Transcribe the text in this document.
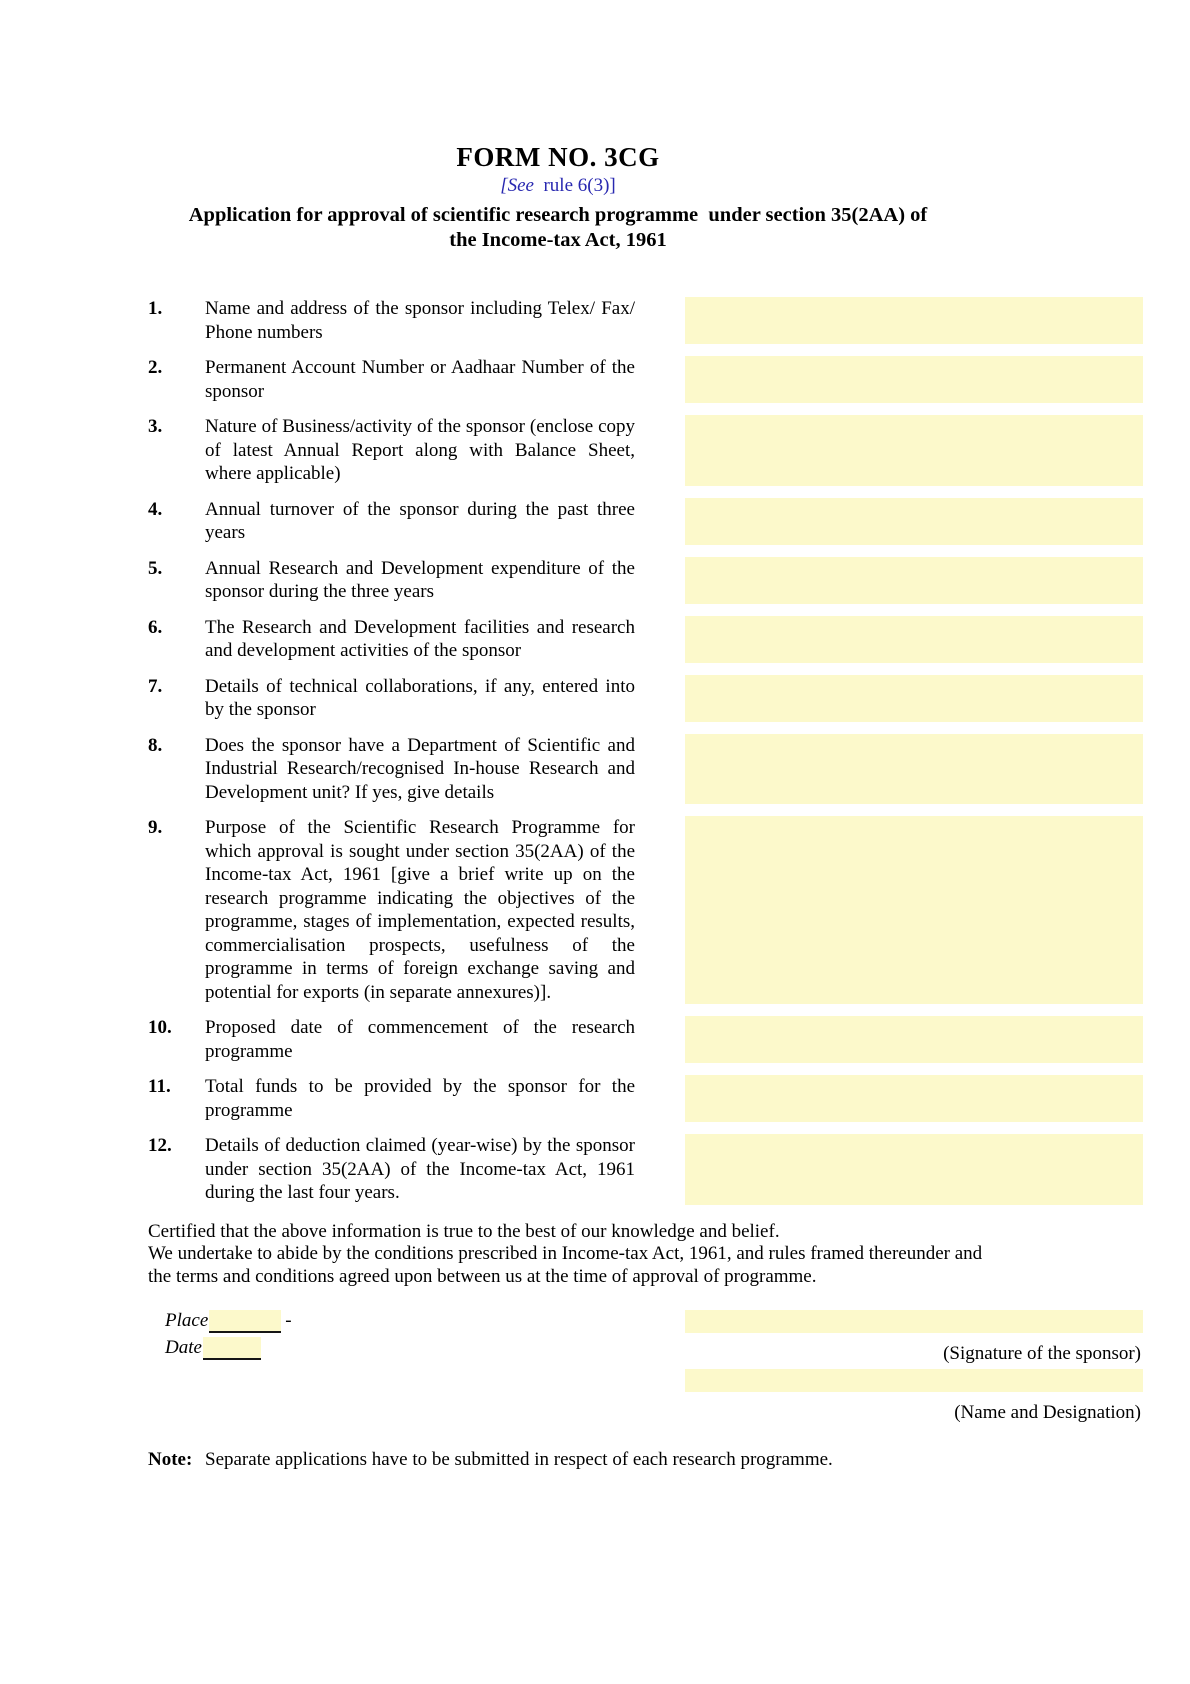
FORM NO. 3CG
[See  rule 6(3)]
Application for approval of scientific research programme  under section 35(2AA) of
the Income-tax Act, 1961
1.	Name and address of the sponsor including Telex/ Fax/ Phone numbers
2.	Permanent Account Number or Aadhaar Number of the sponsor
3.	Nature of Business/activity of the sponsor (enclose copy of latest Annual Report along with Balance Sheet, where applicable)
4.	Annual turnover of the sponsor during the past three years
5.	Annual Research and Development expenditure of the sponsor during the three years
6.	The Research and Development facilities and research and development activities of the sponsor
7.	Details of technical collaborations, if any, entered into by the sponsor
8.	Does the sponsor have a Department of Scientific and Industrial Research/recognised In-house Research and Development unit? If yes, give details
9.	Purpose of the Scientific Research Programme for which approval is sought under section 35(2AA) of the Income-tax Act, 1961 [give a brief write up on the research programme indicating the objectives of the programme, stages of implementation, expected results, commercialisation prospects, usefulness of the programme in terms of foreign exchange saving and potential for exports (in separate annexures)].
10.	Proposed date of commencement of the research programme
11.	Total funds to be provided by the sponsor for the programme
12.	Details of deduction claimed (year-wise) by the sponsor under section 35(2AA) of the Income-tax Act, 1961 during the last four years.
Certified that the above information is true to the best of our knowledge and belief.
We undertake to abide by the conditions prescribed in Income-tax Act, 1961, and rules framed thereunder and
the terms and conditions agreed upon between us at the time of approval of programme.
Place	-
Date	(Signature of the sponsor)
(Name and Designation)
Note: Separate applications have to be submitted in respect of each research programme.
